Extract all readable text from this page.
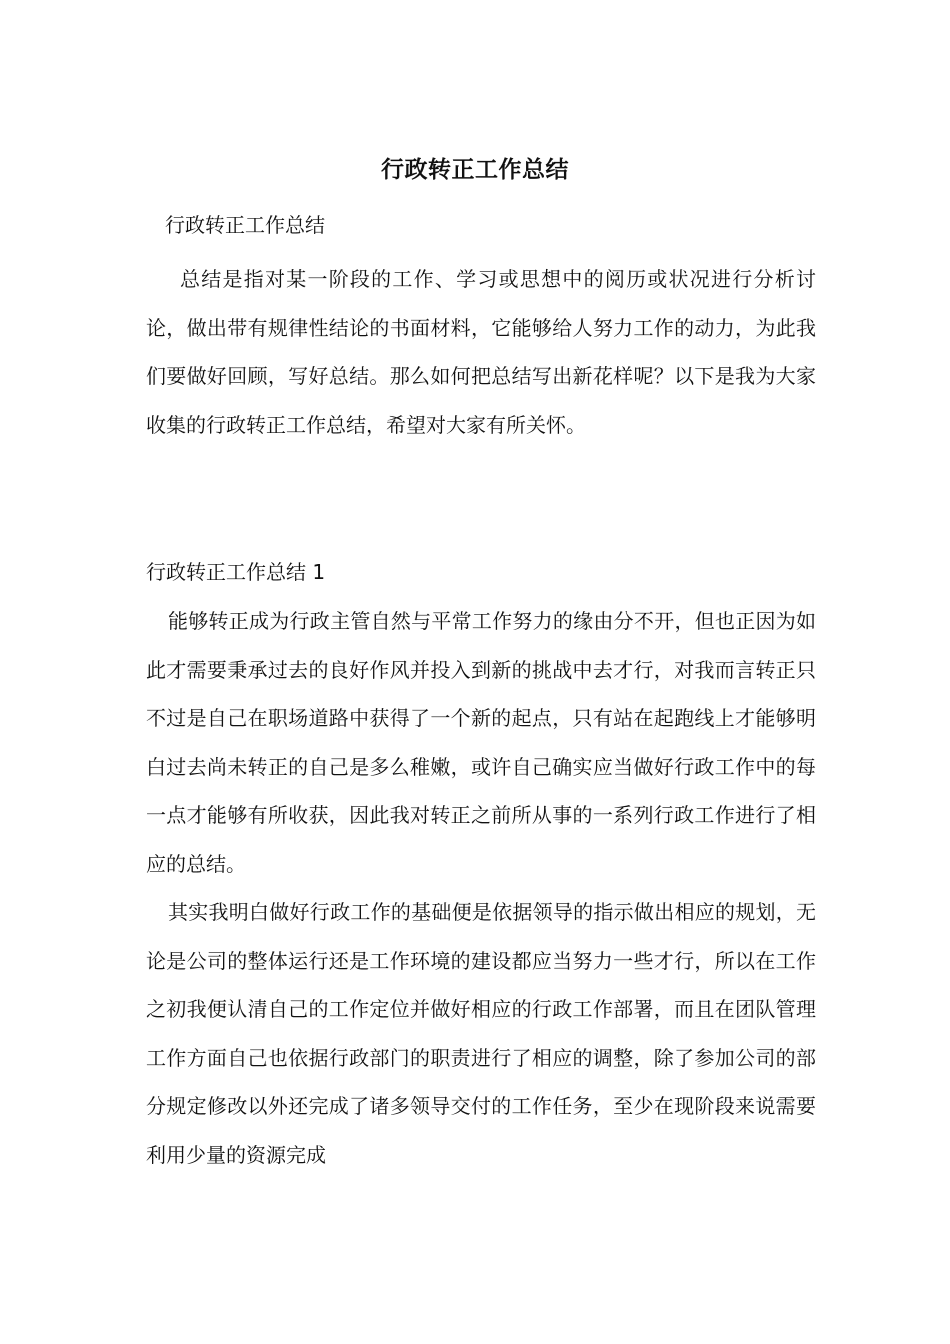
行政转正工作总结
行政转正工作总结

总结是指对某一阶段的工作、学习或思想中的阅历或状况进行分析讨论，做出带有规律性结论的书面材料，它能够给人努力工作的动力，为此我们要做好回顾，写好总结。那么如何把总结写出新花样呢？以下是我为大家收集的行政转正工作总结，希望对大家有所关怀。

行政转正工作总结 1

能够转正成为行政主管自然与平常工作努力的缘由分不开，但也正因为如此才需要秉承过去的良好作风并投入到新的挑战中去才行，对我而言转正只不过是自己在职场道路中获得了一个新的起点，只有站在起跑线上才能够明白过去尚未转正的自己是多么稚嫩，或许自己确实应当做好行政工作中的每一点才能够有所收获，因此我对转正之前所从事的一系列行政工作进行了相应的总结。

其实我明白做好行政工作的基础便是依据领导的指示做出相应的规划，无论是公司的整体运行还是工作环境的建设都应当努力一些才行，所以在工作之初我便认清自己的工作定位并做好相应的行政工作部署，而且在团队管理工作方面自己也依据行政部门的职责进行了相应的调整，除了参加公司的部分规定修改以外还完成了诸多领导交付的工作任务，至少在现阶段来说需要利用少量的资源完成
